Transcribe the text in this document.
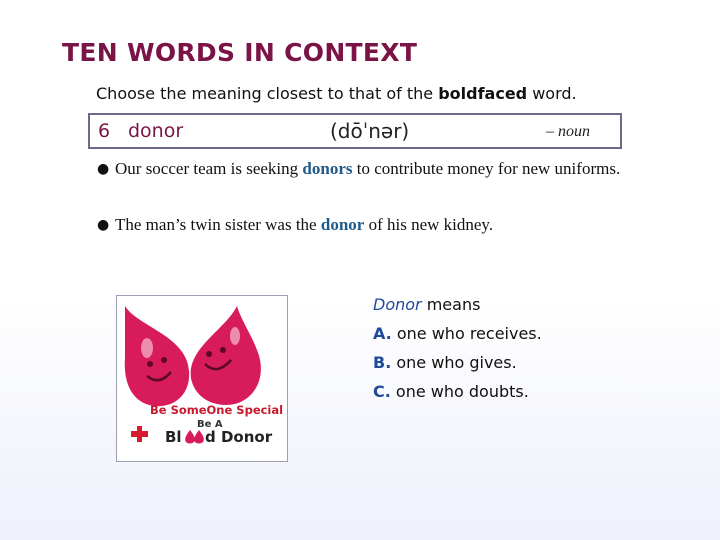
TEN WORDS IN CONTEXT
Choose the meaning closest to that of the boldfaced word.
6 donor	(dōˈnər)	– noun
● Our soccer team is seeking donors to contribute money for new uniforms.
● The man’s twin sister was the donor of his new kidney.
Be SomeOne Special
Be A
Bl d Donor
Donor means
A. one who receives.
B. one who gives.
C. one who doubts.
